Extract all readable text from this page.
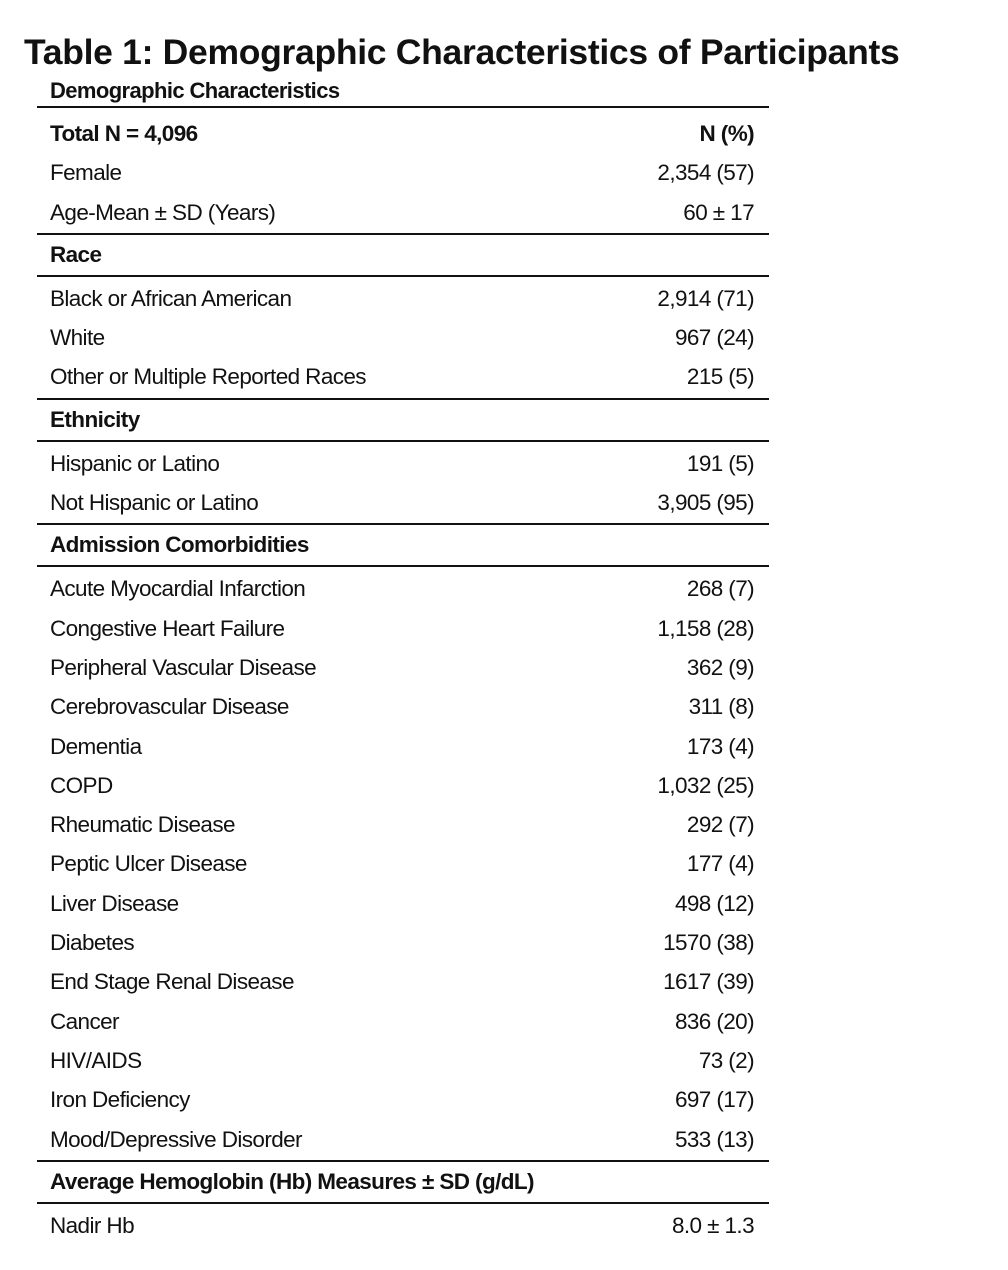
Table 1: Demographic Characteristics of Participants
Demographic Characteristics
Total N = 4,096	N (%)
Female	2,354 (57)
Age-Mean ± SD (Years)	60 ± 17
Race
Black or African American	2,914 (71)
White	967 (24)
Other or Multiple Reported Races	215 (5)
Ethnicity
Hispanic or Latino	191 (5)
Not Hispanic or Latino	3,905 (95)
Admission Comorbidities
Acute Myocardial Infarction	268 (7)
Congestive Heart Failure	1,158 (28)
Peripheral Vascular Disease	362 (9)
Cerebrovascular Disease	311 (8)
Dementia	173 (4)
COPD	1,032 (25)
Rheumatic Disease	292 (7)
Peptic Ulcer Disease	177 (4)
Liver Disease	498 (12)
Diabetes	1570 (38)
End Stage Renal Disease	1617 (39)
Cancer	836 (20)
HIV/AIDS	73 (2)
Iron Deficiency	697 (17)
Mood/Depressive Disorder	533 (13)
Average Hemoglobin (Hb) Measures ± SD (g/dL)
Nadir Hb	8.0 ± 1.3
